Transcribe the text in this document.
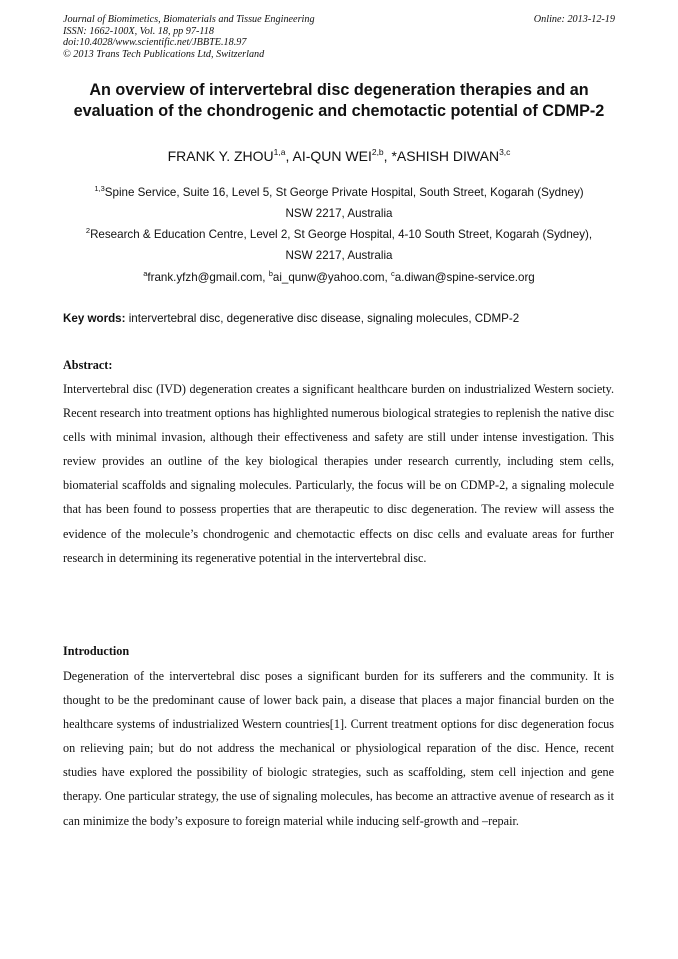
Journal of Biomimetics, Biomaterials and Tissue Engineering	Online: 2013-12-19
ISSN: 1662-100X, Vol. 18, pp 97-118
doi:10.4028/www.scientific.net/JBBTE.18.97
© 2013 Trans Tech Publications Ltd, Switzerland
An overview of intervertebral disc degeneration therapies and an
evaluation of the chondrogenic and chemotactic potential of CDMP-2
FRANK Y. ZHOU$^{1,a}$, AI-QUN WEI$^{2,b}$, *ASHISH DIWAN$^{3,c}$
$^{1,3}$Spine Service, Suite 16, Level 5, St George Private Hospital, South Street, Kogarah (Sydney)
NSW 2217, Australia
$^2$Research & Education Centre, Level 2, St George Hospital, 4-10 South Street, Kogarah (Sydney),
NSW 2217, Australia
$^a$frank.yfzh@gmail.com, $^b$ai_qunw@yahoo.com, $^c$a.diwan@spine-service.org
Key words: intervertebral disc, degenerative disc disease, signaling molecules, CDMP-2
Abstract:
Intervertebral disc (IVD) degeneration creates a significant healthcare burden on industrialized Western society. Recent research into treatment options has highlighted numerous biological strategies to replenish the native disc cells with minimal invasion, although their effectiveness and safety are still under intense investigation. This review provides an outline of the key biological therapies under research currently, including stem cells, biomaterial scaffolds and signaling molecules. Particularly, the focus will be on CDMP-2, a signaling molecule that has been found to possess properties that are therapeutic to disc degeneration. The review will assess the evidence of the molecule’s chondrogenic and chemotactic effects on disc cells and evaluate areas for further research in determining its regenerative potential in the intervertebral disc.
Introduction
Degeneration of the intervertebral disc poses a significant burden for its sufferers and the community. It is thought to be the predominant cause of lower back pain, a disease that places a major financial burden on the healthcare systems of industrialized Western countries[1]. Current treatment options for disc degeneration focus on relieving pain; but do not address the mechanical or physiological reparation of the disc. Hence, recent studies have explored the possibility of biologic strategies, such as scaffolding, stem cell injection and gene therapy. One particular strategy, the use of signaling molecules, has become an attractive avenue of research as it can minimize the body’s exposure to foreign material while inducing self-growth and –repair.
